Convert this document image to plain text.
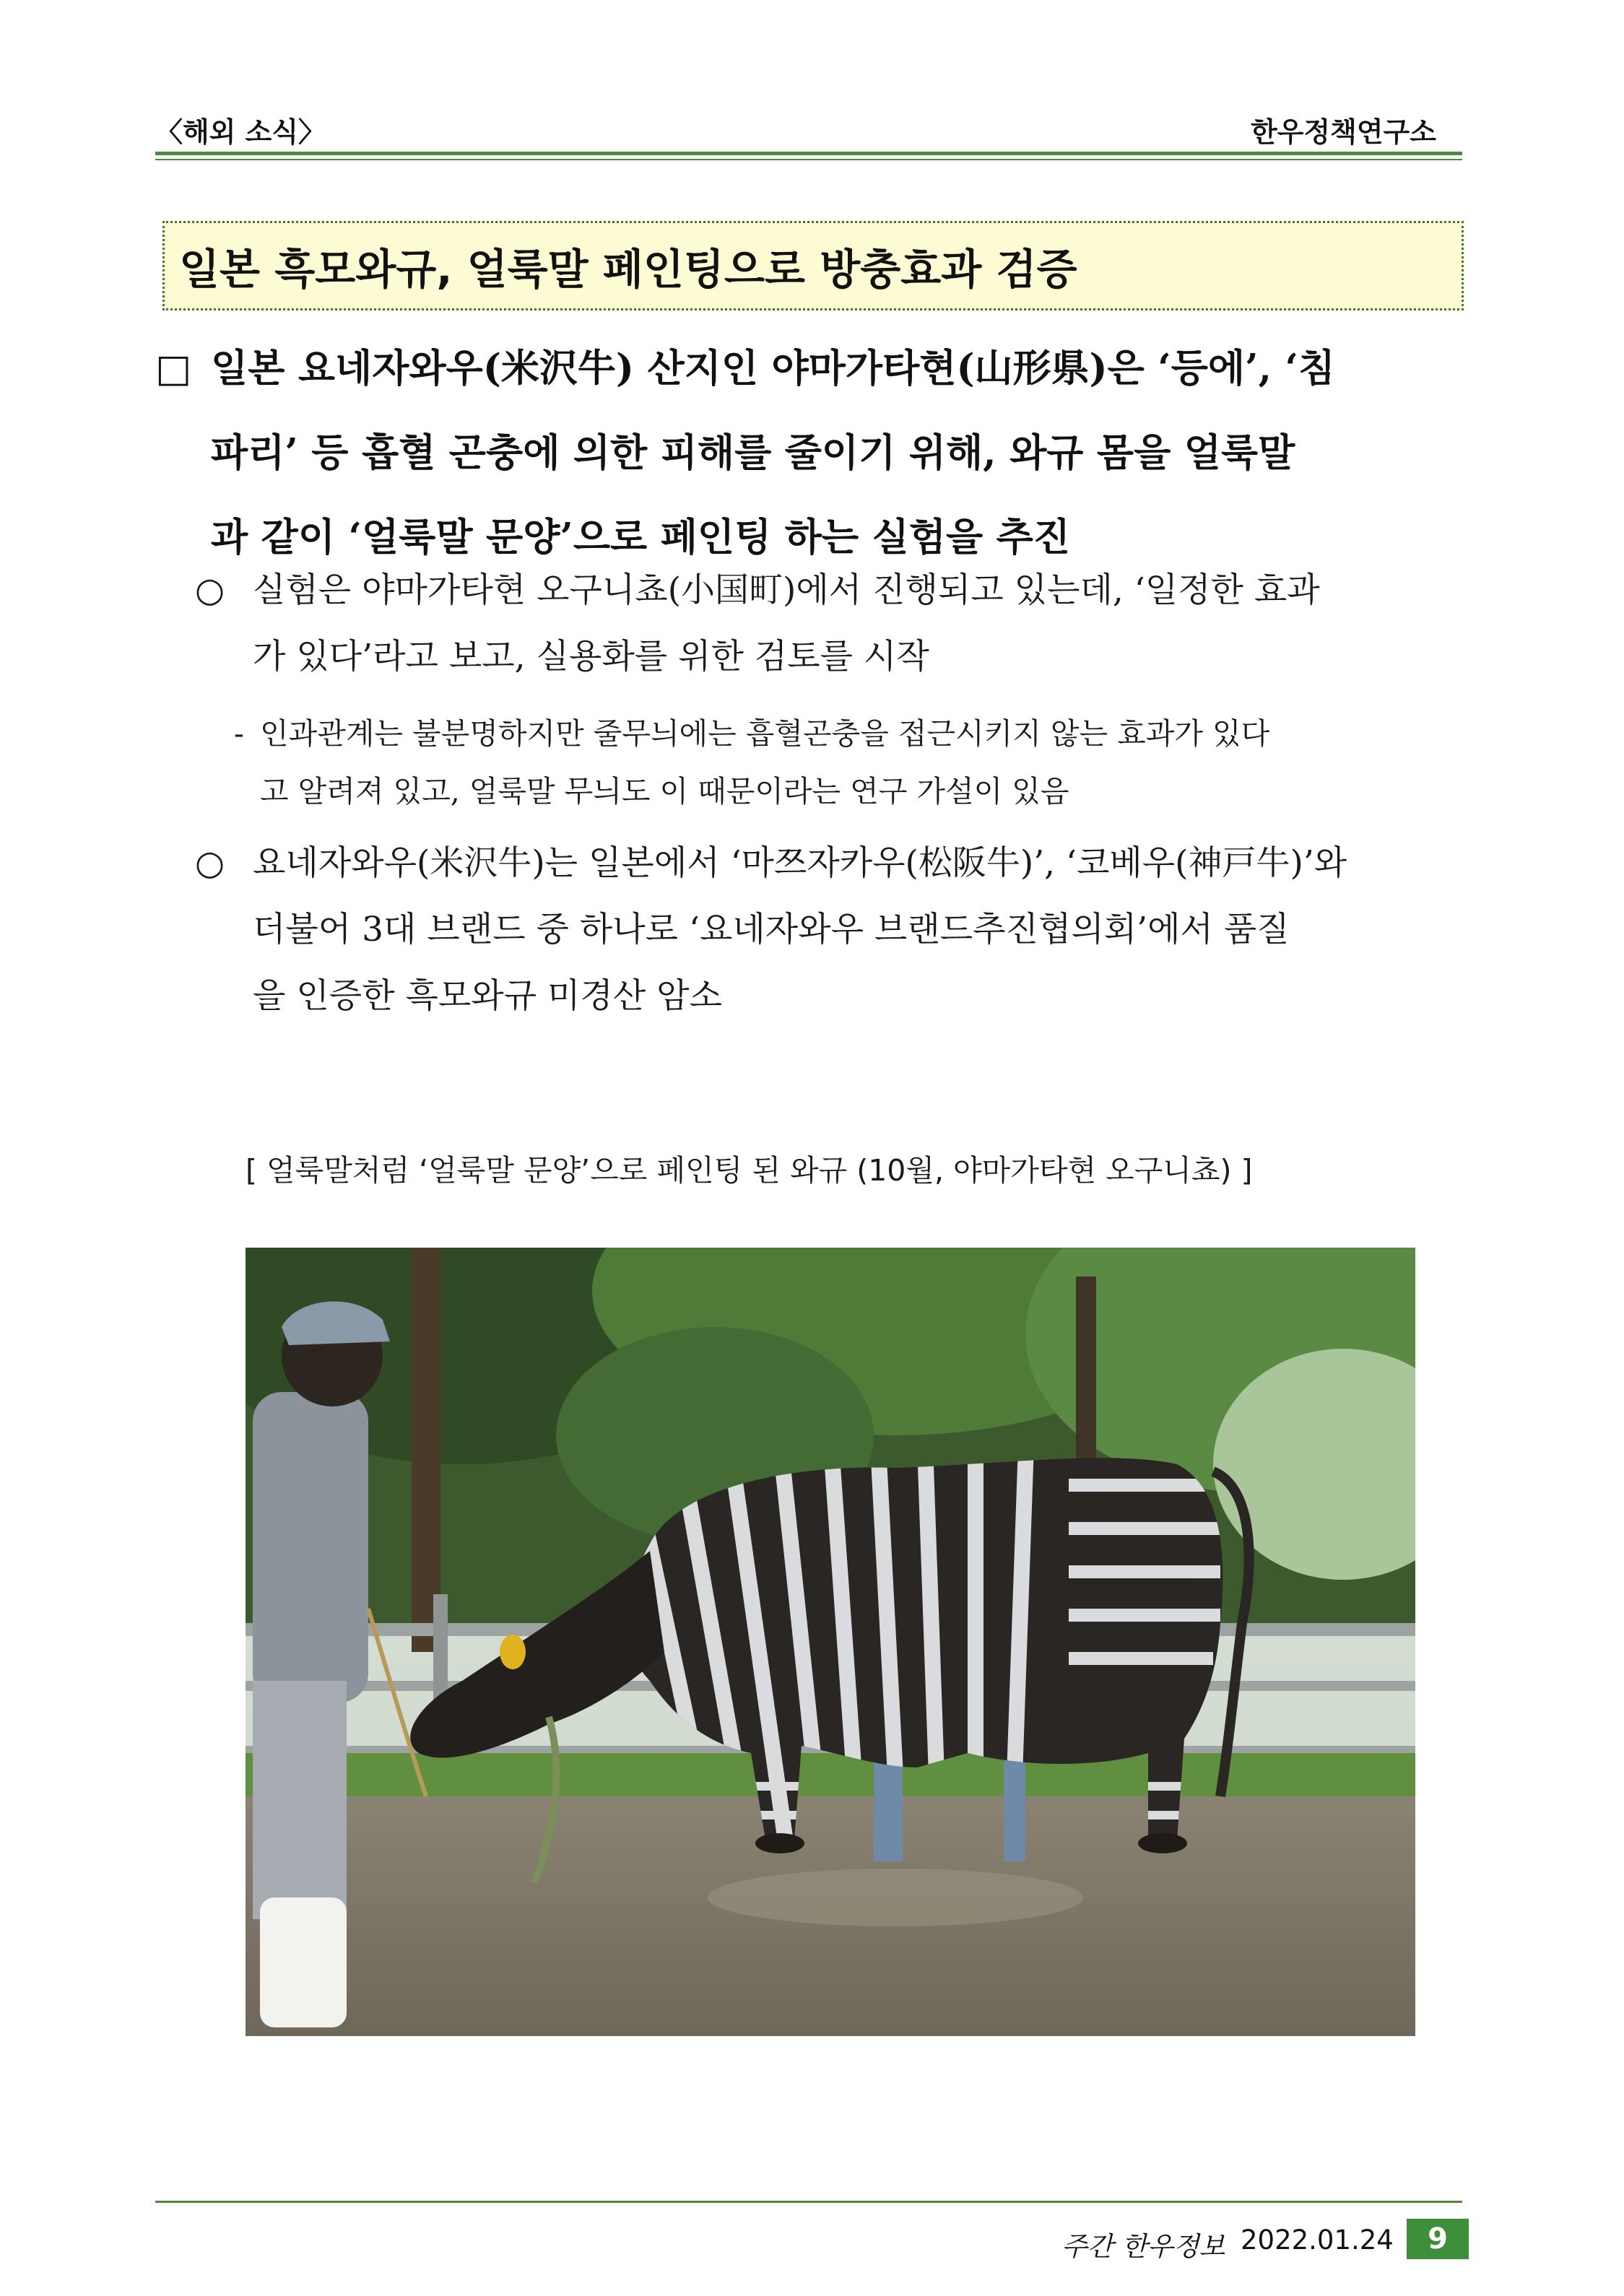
〈해외 소식〉	한우정책연구소
일본 흑모와규, 얼룩말 페인팅으로 방충효과 검증
□ 일본 요네자와우(米沢牛) 산지인 야마가타현(山形県)은 ‘등에’, ‘침
파리’ 등 흡혈 곤충에 의한 피해를 줄이기 위해, 와규 몸을 얼룩말
과 같이 ‘얼룩말 문양’으로 페인팅 하는 실험을 추진
○ 실험은 야마가타현 오구니쵸(小国町)에서 진행되고 있는데, ‘일정한 효과
가 있다’라고 보고, 실용화를 위한 검토를 시작
- 인과관계는 불분명하지만 줄무늬에는 흡혈곤충을 접근시키지 않는 효과가 있다
고 알려져 있고, 얼룩말 무늬도 이 때문이라는 연구 가설이 있음
○ 요네자와우(米沢牛)는 일본에서 ‘마쯔자카우(松阪牛)’, ‘코베우(神戸牛)’와
더불어 3대 브랜드 중 하나로 ‘요네자와우 브랜드추진협의회’에서 품질
을 인증한 흑모와규 미경산 암소
[ 얼룩말처럼 ‘얼룩말 문양’으로 페인팅 된 와규 (10월, 야마가타현 오구니쵸) ]
주간 한우정보 2022.01.24	9
